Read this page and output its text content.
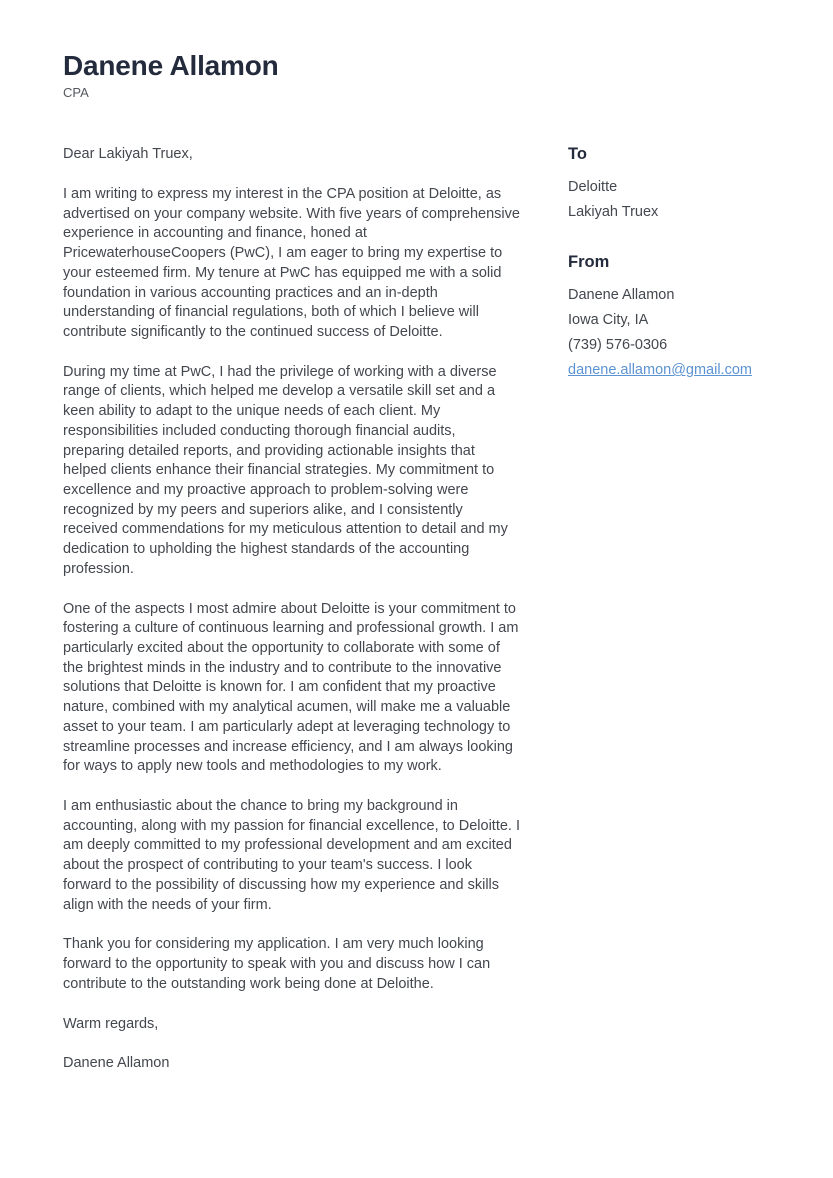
Danene Allamon
CPA

Dear Lakiyah Truex,

I am writing to express my interest in the CPA position at Deloitte, as advertised on your company website. With five years of comprehensive experience in accounting and finance, honed at PricewaterhouseCoopers (PwC), I am eager to bring my expertise to your esteemed firm. My tenure at PwC has equipped me with a solid foundation in various accounting practices and an in-depth understanding of financial regulations, both of which I believe will contribute significantly to the continued success of Deloitte.

During my time at PwC, I had the privilege of working with a diverse range of clients, which helped me develop a versatile skill set and a keen ability to adapt to the unique needs of each client. My responsibilities included conducting thorough financial audits, preparing detailed reports, and providing actionable insights that helped clients enhance their financial strategies. My commitment to excellence and my proactive approach to problem-solving were recognized by my peers and superiors alike, and I consistently received commendations for my meticulous attention to detail and my dedication to upholding the highest standards of the accounting profession.

One of the aspects I most admire about Deloitte is your commitment to fostering a culture of continuous learning and professional growth. I am particularly excited about the opportunity to collaborate with some of the brightest minds in the industry and to contribute to the innovative solutions that Deloitte is known for. I am confident that my proactive nature, combined with my analytical acumen, will make me a valuable asset to your team. I am particularly adept at leveraging technology to streamline processes and increase efficiency, and I am always looking for ways to apply new tools and methodologies to my work.

I am enthusiastic about the chance to bring my background in accounting, along with my passion for financial excellence, to Deloitte. I am deeply committed to my professional development and am excited about the prospect of contributing to your team's success. I look forward to the possibility of discussing how my experience and skills align with the needs of your firm.

Thank you for considering my application. I am very much looking forward to the opportunity to speak with you and discuss how I can contribute to the outstanding work being done at Deloithe.

Warm regards,

Danene Allamon

To
Deloitte
Lakiyah Truex
From
Danene Allamon
Iowa City, IA
(739) 576-0306
danene.allamon@gmail.com
